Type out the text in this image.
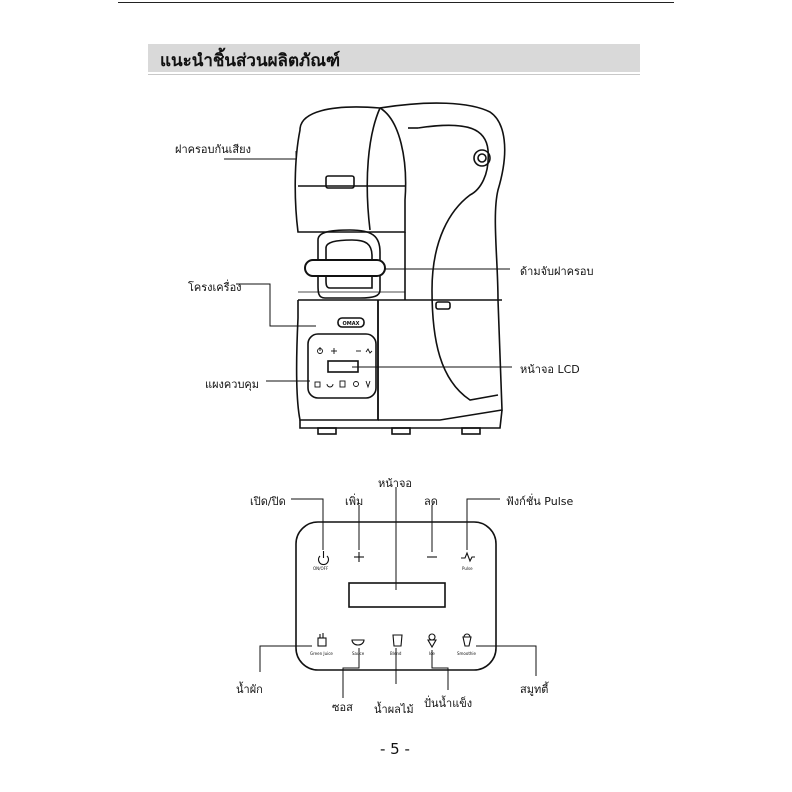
แนะนำชิ้นส่วนผลิตภัณฑ์
OMAX
ฝาครอบกันเสียง
โครงเครื่อง
ด้ามจับฝาครอบ
แผงควบคุม
หน้าจอ LCD
เปิด/ปิด	เพิ่ม
หน้าจอ
ลด	ฟังก์ชั่น Pulse
น้ำผัก
ซอส น้ำผลไม้ ปั่นน้ำแข็ง
สมูทตี้
ON/OFF	Pulse
Green Juice	Sauce	Blend	Ice	Smoothie
- 5 -
